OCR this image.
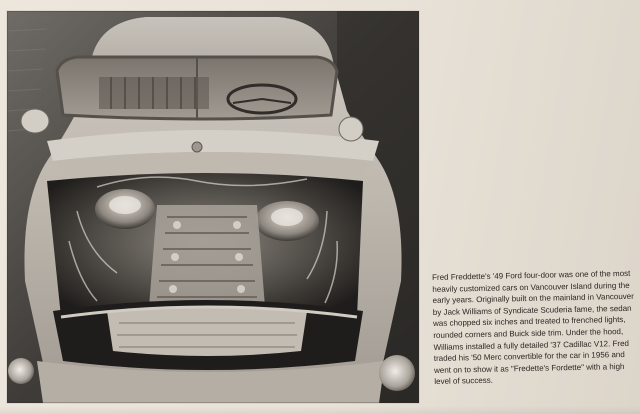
Fred Freddette's '49 Ford four-door was one of the most heavily customized cars on Vancouver Island during the early years. Originally built on the mainland in Vancouver by Jack Williams of Syndicate Scuderia fame, the sedan was chopped six inches and treated to frenched lights, rounded corners and Buick side trim. Under the hood, Williams installed a fully detailed '37 Cadillac V12. Fred traded his '50 Merc convertible for the car in 1956 and went on to show it as "Fredette's Fordette" with a high level of success.
